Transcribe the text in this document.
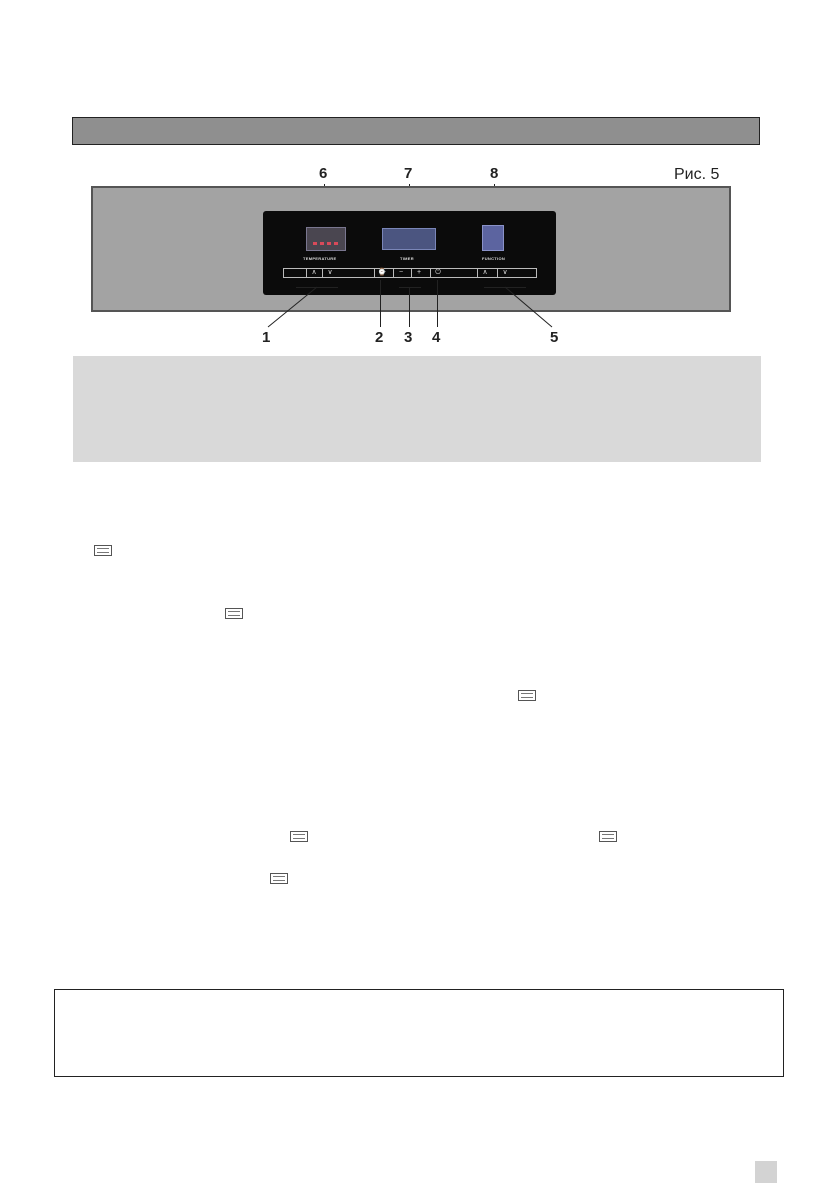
Рис. 5
6	7	8
TEMPERATURE	TIMER	FUNCTION
∧	∨	⌚	−	+	⏻	∧	∨
1	2 3 4	5
